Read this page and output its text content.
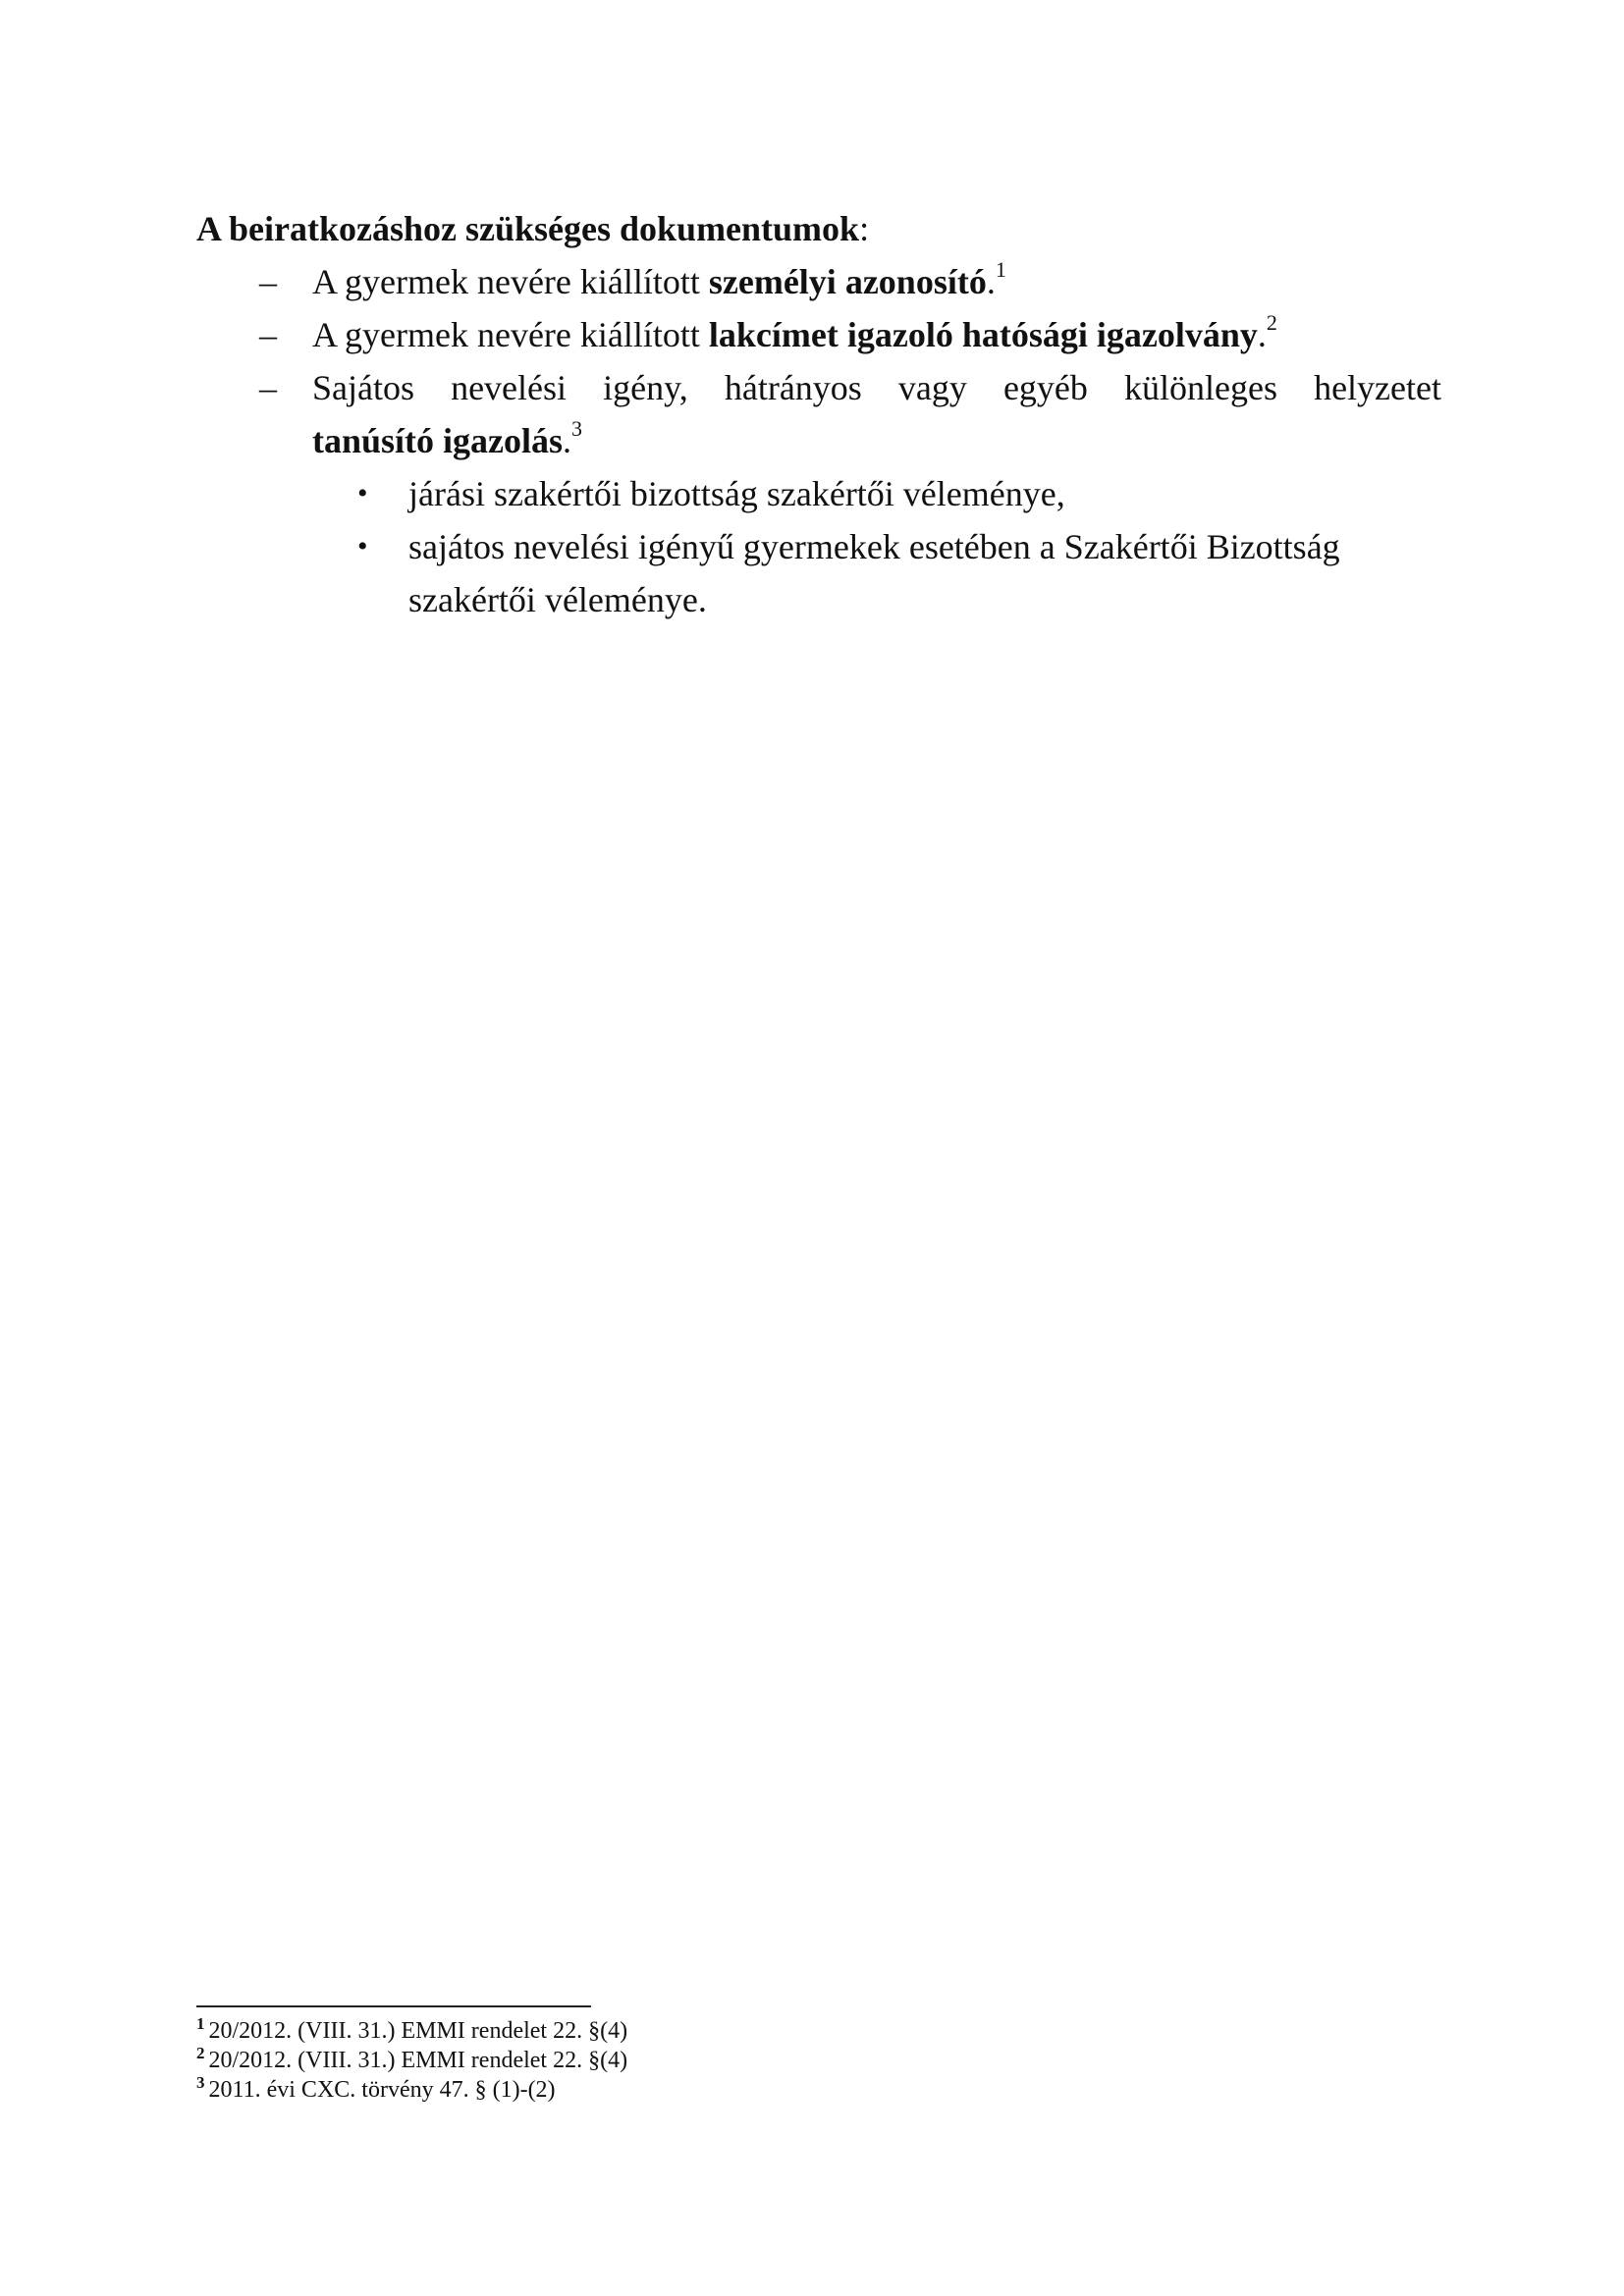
A beiratkozáshoz szükséges dokumentumok:
– A gyermek nevére kiállított személyi azonosító.$^1$
– A gyermek nevére kiállított lakcímet igazoló hatósági igazolvány.$^2$
– Sajátos nevelési igény, hátrányos vagy egyéb különleges helyzetet
tanúsító igazolás.$^3$
• járási szakértői bizottság szakértői véleménye,
• sajátos nevelési igényű gyermekek esetében a Szakértői Bizottság
szakértői véleménye.
$^1$ 20/2012. (VIII. 31.) EMMI rendelet 22. §(4)
$^2$ 20/2012. (VIII. 31.) EMMI rendelet 22. §(4)
$^3$ 2011. évi CXC. törvény 47. § (1)-(2)
